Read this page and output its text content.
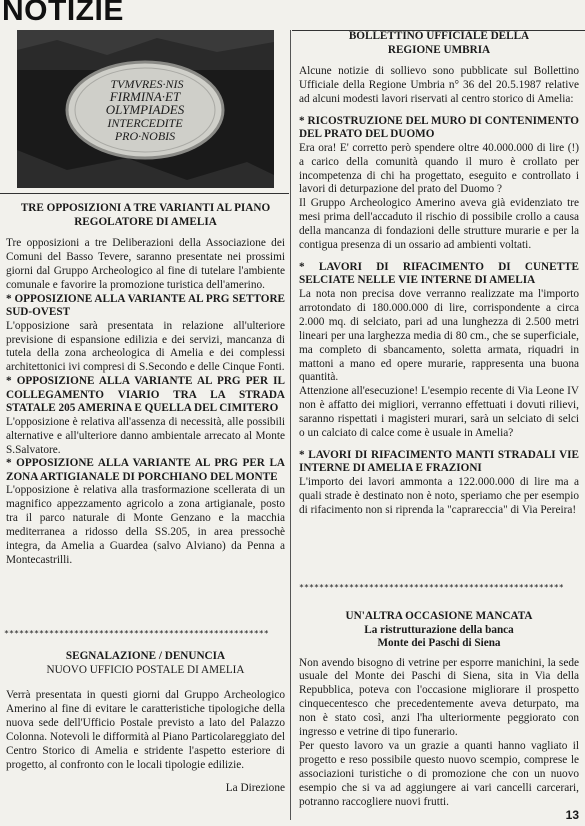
NOTIZIE
TVMVRES·NIS
FIRMINA·ET
OLYMPIADES
INTERCEDITE
PRO·NOBIS

TRE OPPOSIZIONI A TRE VARIANTI AL PIANO REGOLATORE DI AMELIA

Tre opposizioni a tre Deliberazioni della Associazione dei Comuni del Basso Tevere, saranno presentate nei prossimi giorni dal Gruppo Archeologico al fine di tutelare l'ambiente comunale e favorire la promozione turistica dell'amerino.

* OPPOSIZIONE ALLA VARIANTE AL PRG SETTORE SUD-OVEST

L'opposizione sarà presentata in relazione all'ulteriore previsione di espansione edilizia e dei servizi, mancanza di tutela della zona archeologica di Amelia e dei complessi architettonici ivi compresi di S.Secondo e delle Cinque Fonti.

* OPPOSIZIONE ALLA VARIANTE AL PRG PER IL COLLEGAMENTO VIARIO TRA LA STRADA STATALE 205 AMERINA E QUELLA DEL CIMITERO

L'opposizione è relativa all'assenza di necessità, alle possibili alternative e all'ulteriore danno ambientale arrecato al Monte S.Salvatore.

* OPPOSIZIONE ALLA VARIANTE AL PRG PER LA ZONA ARTIGIANALE DI PORCHIANO DEL MONTE

L'opposizione è relativa alla trasformazione scellerata di un magnifico appezzamento agricolo a zona artigianale, posto tra il parco naturale di Monte Genzano e la macchia mediterranea a ridosso della SS.205, in area pressochè integra, da Amelia a Guardea (salvo Alviano) da Penna a Montecastrilli.

*****************************************************

SEGNALAZIONE / DENUNCIA

NUOVO UFFICIO POSTALE DI AMELIA

Verrà presentata in questi giorni dal Gruppo Archeologico Amerino al fine di evitare le caratteristiche tipologiche della nuova sede dell'Ufficio Postale previsto a lato del Palazzo Colonna. Notevoli le difformità al Piano Particolareggiato del Centro Storico di Amelia e stridente l'aspetto esteriore di progetto, al confronto con le locali tipologie edilizie.

La Direzione

BOLLETTINO UFFICIALE DELLA REGIONE UMBRIA

Alcune notizie di sollievo sono pubblicate sul Bollettino Ufficiale della Regione Umbria n° 36 del 20.5.1987 relative ad alcuni modesti lavori riservati al centro storico di Amelia:

* RICOSTRUZIONE DEL MURO DI CONTENIMENTO DEL PRATO DEL DUOMO

Era ora! E' corretto però spendere oltre 40.000.000 di lire (!) a carico della comunità quando il muro è crollato per incompetenza di chi ha progettato, eseguito e controllato i lavori di deturpazione del prato del Duomo ?

Il Gruppo Archeologico Amerino aveva già evidenziato tre mesi prima dell'accaduto il rischio di possibile crollo a causa della mancanza di fondazioni delle strutture murarie e per la contigua presenza di un ossario ad ambienti voltati.

* LAVORI DI RIFACIMENTO DI CUNETTE SELCIATE NELLE VIE INTERNE DI AMELIA

La nota non precisa dove verranno realizzate ma l'importo arrotondato di 180.000.000 di lire, corrispondente a circa 2.000 mq. di selciato, pari ad una lunghezza di 2.500 metri lineari per una larghezza media di 80 cm., che se superficiale, ma completo di sbancamento, soletta armata, riquadri in mattoni a mano ed opere murarie, rappresenta una buona quantità.

Attenzione all'esecuzione! L'esempio recente di Via Leone IV non è affatto dei migliori, verranno effettuati i dovuti rilievi, saranno rispettati i magisteri murari, sarà un selciato di selci o un calciato di calce come è usuale in Amelia?

* LAVORI DI RIFACIMENTO MANTI STRADALI VIE INTERNE DI AMELIA E FRAZIONI

L'importo dei lavori ammonta a 122.000.000 di lire ma a quali strade è destinato non è noto, speriamo che per esempio di rifacimento non si riprenda la "caprareccia" di Via Pereira!

*****************************************************

UN'ALTRA OCCASIONE MANCATA

La ristrutturazione della banca

Monte dei Paschi di Siena

Non avendo bisogno di vetrine per esporre manichini, la sede usuale del Monte dei Paschi di Siena, sita in Via della Repubblica, poteva con l'occasione migliorare il prospetto cinquecentesco che precedentemente aveva deturpato, ma non è stato così, anzi l'ha ulteriormente peggiorato con ingresso e vetrine di tipo funerario.

Per questo lavoro va un grazie a quanti hanno vagliato il progetto e reso possibile questo nuovo scempio, comprese le associazioni turistiche o di promozione che con un nuovo esempio che si va ad aggiungere ai vari cancelli carcerari, potranno raccogliere nuovi frutti.

13
